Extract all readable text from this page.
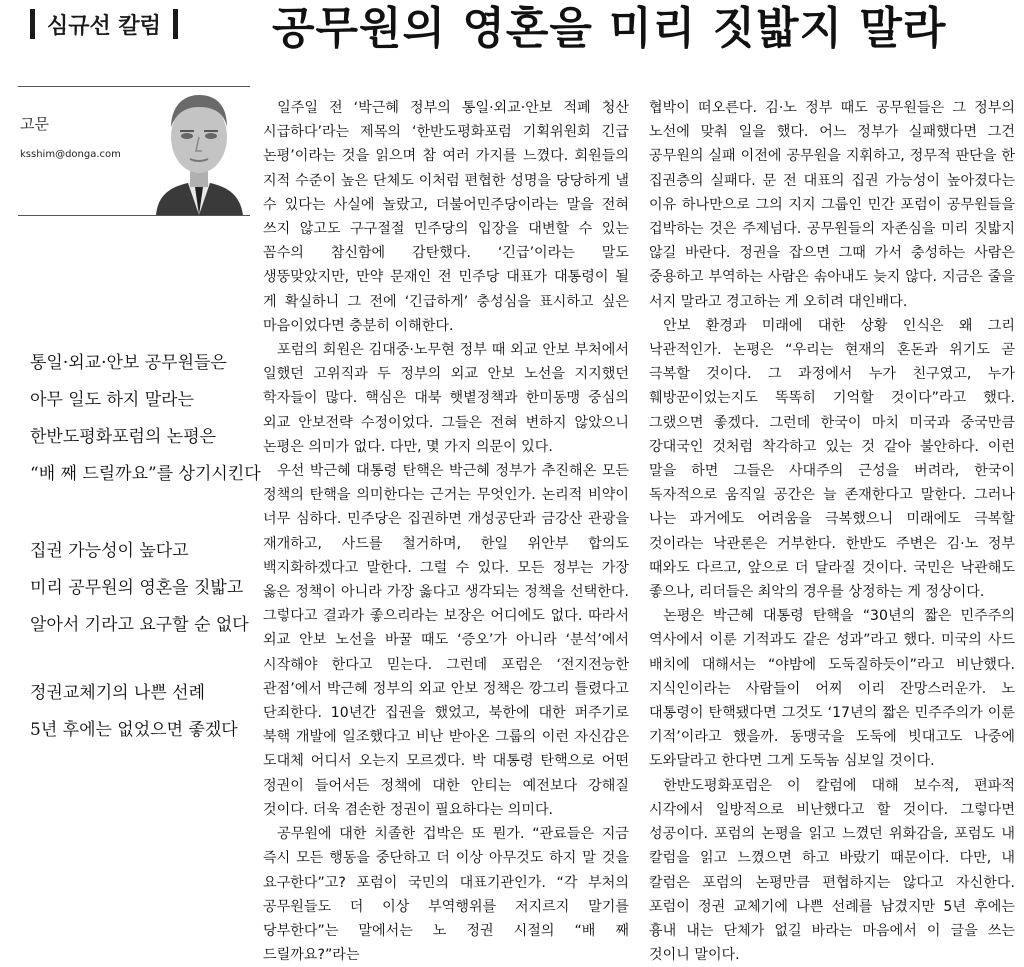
심규선 칼럼	공무원의 영혼을 미리 짓밟지 말라
고문
ksshim@donga.com

통일·외교·안보 공무원들은

아무 일도 하지 말라는

한반도평화포럼의 논평은

“배 째 드릴까요”를 상기시킨다

집권 가능성이 높다고

미리 공무원의 영혼을 짓밟고

알아서 기라고 요구할 순 없다

정권교체기의 나쁜 선례

5년 후에는 없었으면 좋겠다

일주일 전 ‘박근혜 정부의 통일·외교·안보 적폐 청산 시급하다’라는 제목의 ‘한반도평화포럼 기획위원회 긴급 논평’이라는 것을 읽으며 참 여러 가지를 느꼈다. 회원들의 지적 수준이 높은 단체도 이처럼 편협한 성명을 당당하게 낼 수 있다는 사실에 놀랐고, 더불어민주당이라는 말을 전혀 쓰지 않고도 구구절절 민주당의 입장을 대변할 수 있는 꼼수의 참신함에 감탄했다. ‘긴급’이라는 말도 생뚱맞았지만, 만약 문재인 전 민주당 대표가 대통령이 될 게 확실하니 그 전에 ‘긴급하게’ 충성심을 표시하고 싶은 마음이었다면 충분히 이해한다.

포럼의 회원은 김대중·노무현 정부 때 외교 안보 부처에서 일했던 고위직과 두 정부의 외교 안보 노선을 지지했던 학자들이 많다. 핵심은 대북 햇볕정책과 한미동맹 중심의 외교 안보전략 수정이었다. 그들은 전혀 변하지 않았으니 논평은 의미가 없다. 다만, 몇 가지 의문이 있다.

우선 박근혜 대통령 탄핵은 박근혜 정부가 추진해온 모든 정책의 탄핵을 의미한다는 근거는 무엇인가. 논리적 비약이 너무 심하다. 민주당은 집권하면 개성공단과 금강산 관광을 재개하고, 사드를 철거하며, 한일 위안부 합의도 백지화하겠다고 말한다. 그럴 수 있다. 모든 정부는 가장 옳은 정책이 아니라 가장 옳다고 생각되는 정책을 선택한다. 그렇다고 결과가 좋으리라는 보장은 어디에도 없다. 따라서 외교 안보 노선을 바꿀 때도 ‘증오’가 아니라 ‘분석’에서 시작해야 한다고 믿는다. 그런데 포럼은 ‘전지전능한 관점’에서 박근혜 정부의 외교 안보 정책은 깡그리 틀렸다고 단죄한다. 10년간 집권을 했었고, 북한에 대한 퍼주기로 북핵 개발에 일조했다고 비난 받아온 그룹의 이런 자신감은 도대체 어디서 오는지 모르겠다. 박 대통령 탄핵으로 어떤 정권이 들어서든 정책에 대한 안티는 예전보다 강해질 것이다. 더욱 겸손한 정권이 필요하다는 의미다.

공무원에 대한 치졸한 겁박은 또 뭔가. “관료들은 지금 즉시 모든 행동을 중단하고 더 이상 아무것도 하지 말 것을 요구한다”고? 포럼이 국민의 대표기관인가. “각 부처의 공무원들도 더 이상 부역행위를 저지르지 말기를 당부한다”는 말에서는 노 정권 시절의 “배 째 드릴까요?”라는

협박이 떠오른다. 김·노 정부 때도 공무원들은 그 정부의 노선에 맞춰 일을 했다. 어느 정부가 실패했다면 그건 공무원의 실패 이전에 공무원을 지휘하고, 정무적 판단을 한 집권층의 실패다. 문 전 대표의 집권 가능성이 높아졌다는 이유 하나만으로 그의 지지 그룹인 민간 포럼이 공무원들을 겁박하는 것은 주제넘다. 공무원들의 자존심을 미리 짓밟지 않길 바란다. 정권을 잡으면 그때 가서 충성하는 사람은 중용하고 부역하는 사람은 솎아내도 늦지 않다. 지금은 줄을 서지 말라고 경고하는 게 오히려 대인배다.

안보 환경과 미래에 대한 상황 인식은 왜 그리 낙관적인가. 논평은 “우리는 현재의 혼돈과 위기도 곧 극복할 것이다. 그 과정에서 누가 친구였고, 누가 훼방꾼이었는지도 똑똑히 기억할 것이다”라고 했다. 그랬으면 좋겠다. 그런데 한국이 마치 미국과 중국만큼 강대국인 것처럼 착각하고 있는 것 같아 불안하다. 이런 말을 하면 그들은 사대주의 근성을 버려라, 한국이 독자적으로 움직일 공간은 늘 존재한다고 말한다. 그러나 나는 과거에도 어려움을 극복했으니 미래에도 극복할 것이라는 낙관론은 거부한다. 한반도 주변은 김·노 정부 때와도 다르고, 앞으로 더 달라질 것이다. 국민은 낙관해도 좋으나, 리더들은 최악의 경우를 상정하는 게 정상이다.

논평은 박근혜 대통령 탄핵을 “30년의 짧은 민주주의 역사에서 이룬 기적과도 같은 성과”라고 했다. 미국의 사드 배치에 대해서는 “야밤에 도둑질하듯이”라고 비난했다. 지식인이라는 사람들이 어찌 이리 잔망스러운가. 노 대통령이 탄핵됐다면 그것도 ‘17년의 짧은 민주주의가 이룬 기적’이라고 했을까. 동맹국을 도둑에 빗대고도 나중에 도와달라고 한다면 그게 도둑놈 심보일 것이다.

한반도평화포럼은 이 칼럼에 대해 보수적, 편파적 시각에서 일방적으로 비난했다고 할 것이다. 그렇다면 성공이다. 포럼의 논평을 읽고 느꼈던 위화감을, 포럼도 내 칼럼을 읽고 느꼈으면 하고 바랐기 때문이다. 다만, 내 칼럼은 포럼의 논평만큼 편협하지는 않다고 자신한다. 포럼이 정권 교체기에 나쁜 선례를 남겼지만 5년 후에는 흉내 내는 단체가 없길 바라는 마음에서 이 글을 쓰는 것이니 말이다.
